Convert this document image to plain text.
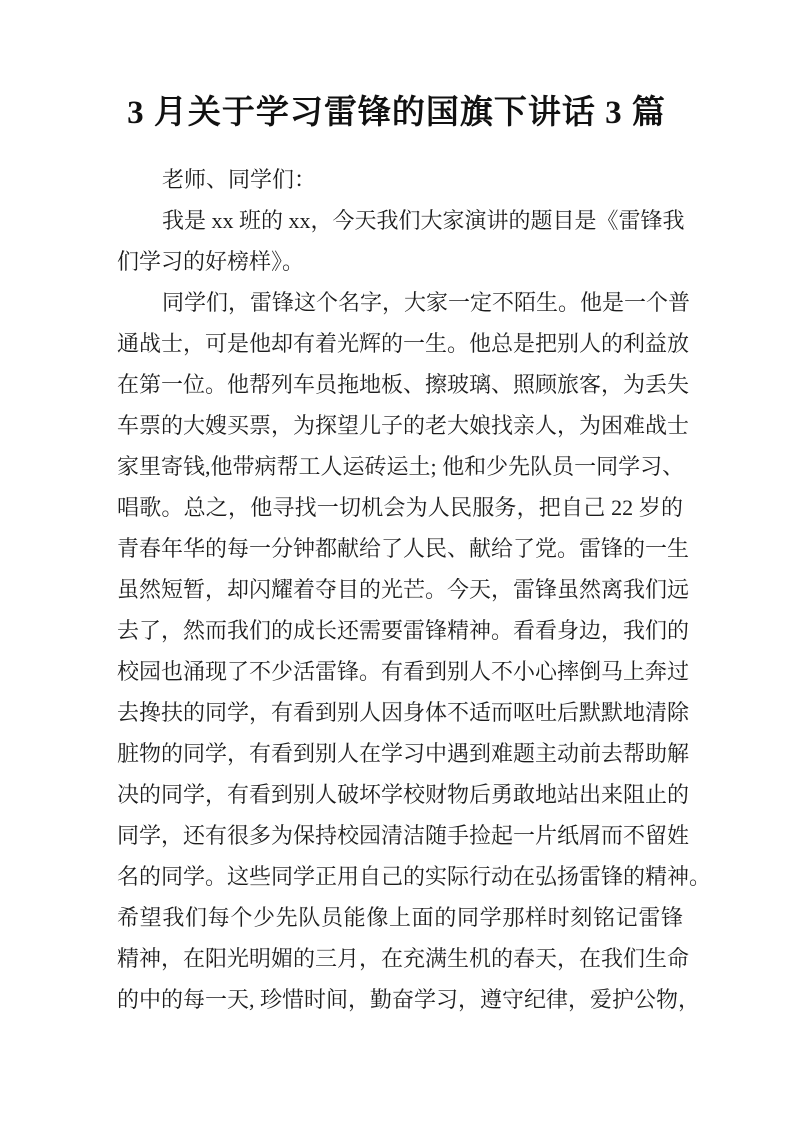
3 月关于学习雷锋的国旗下讲话 3 篇
老师、同学们：
我是 xx 班的 xx，今天我们大家演讲的题目是《雷锋我
们学习的好榜样》。
同学们，雷锋这个名字，大家一定不陌生。他是一个普
通战士，可是他却有着光辉的一生。他总是把别人的利益放
在第一位。他帮列车员拖地板、擦玻璃、照顾旅客，为丢失
车票的大嫂买票，为探望儿子的老大娘找亲人，为困难战士
家里寄钱,他带病帮工人运砖运土; 他和少先队员一同学习、
唱歌。总之，他寻找一切机会为人民服务，把自己 22 岁的
青春年华的每一分钟都献给了人民、献给了党。雷锋的一生
虽然短暂，却闪耀着夺目的光芒。今天，雷锋虽然离我们远
去了，然而我们的成长还需要雷锋精神。看看身边，我们的
校园也涌现了不少活雷锋。有看到别人不小心摔倒马上奔过
去搀扶的同学，有看到别人因身体不适而呕吐后默默地清除
脏物的同学，有看到别人在学习中遇到难题主动前去帮助解
决的同学，有看到别人破坏学校财物后勇敢地站出来阻止的
同学，还有很多为保持校园清洁随手捡起一片纸屑而不留姓
名的同学。这些同学正用自己的实际行动在弘扬雷锋的精神。
希望我们每个少先队员能像上面的同学那样时刻铭记雷锋
精神，在阳光明媚的三月，在充满生机的春天，在我们生命
的中的每一天, 珍惜时间，勤奋学习，遵守纪律，爱护公物，
